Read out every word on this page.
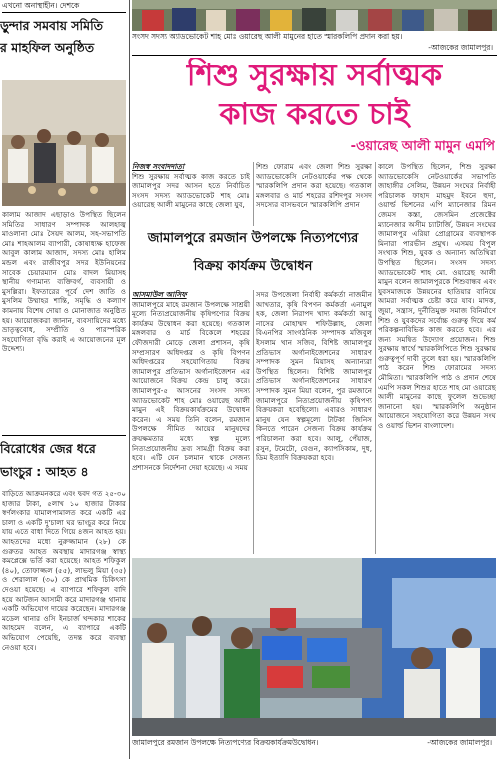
এখনো অনাস্থাহীন। দেশকে
ড়ুন্দার সমবায় সমিতি
র মাহফিল অনুষ্ঠিত
কালাম আজাদ এছাড়াও উপস্থিত ছিলেন সমিতির সাধারণ সম্পাদক আলহাজ্ব মাওলানা মোঃ সৈয়দ আলম, সহ-সভাপতি মোঃ শাহআলম ব্যাপারী, কোষাধ্যক্ষ হাফেজ আবুল কালাম আজাদ, সদস্য মোঃ হালিম মন্ডল এবং রাজীবপুর সদর ইউনিয়নের সাবেক চেয়ারম্যান মোঃ বাদল মিয়াসহ স্থানীয় গণ্যমান্য ব্যক্তিবর্গ, ব্যবসায়ী ও মুসল্লিরা। ইফতারের পূর্বে দেশ জাতি ও মুসলিম উম্মাহর শান্তি, সমৃদ্ধি ও কল্যাণ কামনায় বিশেষ দোয়া ও মোনাজাত অনুষ্ঠিত হয়। আয়োজকরা জানান, ব্যবসায়িদের মধ্যে ভ্রাতৃত্ববোধ, সম্প্রীতি ও পারস্পরিক সহযোগিতা বৃদ্ধি করাই এ আয়োজনের মূল উদ্দেশ্য।
বিরোধের জের ধরে
ভাংচুর : আহত ৪
বাড়িতে আক্রমনকরে এবং দ্ববদ গত ২৫-৩০ হাজার টাকা, ৫লাখ ১০ হাজার টাকার স্বর্ণলংকার যামালপামালত করে একটি এর চালা ও একটি দু'চালা ঘর ভাংচুর করে নিয়ে যায় এতে বাধা দিতে গিয়ে ৪জন আহত হয়। আহতদের মধ্যে নুরুজ্জামান (২৮) কে গুরুতর আহত অবস্থায় মাদারগঞ্জ স্বাস্থ্য কমপ্লেক্সে ভর্তি করা হয়েছে। আহত শফিকুল (৪০), তোফাজ্জল (৫৫), লাভলু মিয়া (৩৫) ও শেরালাল (৩০) কে প্রাথমিক চিকিৎসা দেওয়া হয়েছে। এ ব্যাপারে শফিকুল বাদি হয়ে আটজন আসামী করে মাদারগঞ্জ থানায় একটি অভিযোগ দায়ের করেছেন। মাদারগঞ্জ মডেল থানার ওসি ইনচার্জ খন্দকার শাকের আহমেদ বলেন, এ ব্যাপারে একটি অভিযোগ পেয়েছি, তদন্ত করে ব্যবস্থা নেওয়া হবে।
সংসদ সদস্য অ্যাডভোকেট শাহ মোঃ ওয়ারেছ আলী মামুনের হাতে স্মারকলিপি প্রদান করা হয়।
-আজকের জামালপুর।
শিশু সুরক্ষায় সর্বাত্মক
কাজ করতে চাই
-ওয়ারেছ আলী মামুন এমপি
নিজস্ব সংবাদদাতা
শিশু সুরক্ষায় সর্বাত্মক কাজ করতে চাই জামালপুর সদর আসন হতে নির্বাচিত সংসদ সদস্য অ্যাডভোকেট শাহ মোঃ ওয়ারেছ আলী মামুনের কাছে জেলা যুব,
শিশু ফোরাম এবং জেলা শিশু সুরক্ষা অ্যাডভোকেসি নেটওয়ার্কের পক্ষ থেকে স্মারকলিপি প্রদান করা হয়েছে। গতকাল মঙ্গলবার ও মার্চ শহরের রশিদপুর সংসদ সদস্যের বাসভবনে স্মারকলিপি প্রদান
কালে উপস্থিত ছিলেন, শিশু সুরক্ষা অ্যাডভোকেসি নেটওয়ার্কের সভাপতি জাহাঙ্গীর সেলিম, উন্নয়ন সংঘের নির্বাহী পরিচালক ফাহাদ মাহমুদ ইবনে হুদা, ওয়ার্ল্ড ভিশনের এপি ম্যানেজার রিমন জেমস কস্তা, জেসমিন প্রজেক্টের ম্যানেজার অসীম চ্যাটার্জি, উন্নয়ন সংঘের জামালপুর এরিয়া প্রোগ্রামের ব্যবস্থাপক মিনারা পারভীন প্রমুখ। এসময় বিপুল সংখ্যক শিশু, যুবক ও অন্যান্য অতিথিরা উপস্থিত ছিলেন। সংসদ সদস্য অ্যাডভোকেট শাহ মো. ওয়ারেছ আলী মামুন বলেন জামালপুরকে শিশুবান্ধব এবং যুবসমাজকে উন্নয়নের হাতিয়ার বানিয়ে আমরা সর্বাত্মক চেষ্টা করে যাব। মাদক, জুয়া, সন্ত্রাস, দুর্নীতিমুক্ত সমাজ বিনির্মাণে শিশু ও যুবকদের সর্বোচ্চ গুরুত্ব দিয়ে কর্ম পরিকল্পনাবিভিক কাজ করতে হবে। এর জন্য সমন্বিত উদ্যোগ প্রয়োজন। শিশু সুরক্ষায় স্বার্থে স্মারকলিপিতে শিশু সুরক্ষায় গুরুত্বপূর্ণ দাবী তুলে ধরা হয়। স্মারকলিপি পাঠ করেন শিশু ফোরামের সদস্য মৌমিতা। স্মারকলিপি পাঠ ও প্রদান শেষে এমপি সকল শিশুর হাতে শাহ মো ওয়ারেছ আলী মামুনের কাছে ফুলেল শুভেচ্ছা জানানো হয়। স্মারকলিপি অনুষ্ঠান আয়োজনে সহযোগিতা করে উন্নয়ন সংঘ ও ওয়ার্ল্ড ভিশন বাংলাদেশ।
জামালপুরে রমজান উপলক্ষে নিত্যপণ্যের
বিক্রয় কার্যক্রম উদ্বোধন
আসমাউল আসিফ
জামালপুরে মাহে রমজান উপলক্ষে সাশ্রয়ী মূল্যে নিত্যপ্রয়োজনীয় কৃষিপণ্যের বিক্রয় কার্যক্রম উদ্বোধন করা হয়েছে। গতকাল মঙ্গলবার ও মার্চ বিকেলে শহরের ফৌজদারী মোড়ে জেলা প্রশাসন, কৃষি সম্প্রসারণ অধিদপ্তর ও কৃষি বিপণন অধিদপ্তরের সহযোগিতায় বিক্রয় জামালপুর প্রতিভাস অর্গানাইজেশন এর আয়োজনে বিক্রয় কেন্দ্র চালু করে। জামালপুর-৫ আসনের সংসদ সদস্য অ্যাডভোকেট শাহ মোঃ ওয়ারেছ আলী মামুন এই বিক্রয়কার্যক্রমের উদ্বোধন করেন। এ সময় তিনি বলেন, রমজান উপলক্ষে সীমিত আয়ের মানুষদের ক্রয়ক্ষমতার মধ্যে স্বল্প মূল্যে নিত্যপ্রয়োজনীয় দ্রব্য সামগ্রী বিক্রয় করা হবে। এটি যেন চলমান থাকে সেজন্য প্রশাসনকে নির্দেশনা দেয়া হয়েছে। এ সময়
সদর উপজেলা নির্বাহী কর্মকর্তা নাজমীন আখতার, কৃষি বিপণন কর্মকর্তা এনামুল হক, জেলা নিরাপদ খাদ্য কর্মকর্তা আবু নাসের মোহাম্মদ শফিউল্লাহ, জেলা বিএনপির সাংগঠনিক সম্পাদক মজিবুল ইসলাম খান সজিব, বিশিষ্ট জামালপুর প্রতিভাস অর্গানাইজেশনের সাধারণ সম্পাদক সুমন মিয়াসহ অন্যান্যরা উপস্থিত ছিলেন। বিশিষ্ট জামালপুর প্রতিভাস অর্গানাইজেশনের সাধারণ সম্পাদক সুমন মিয়া বলেন, পুর রমজানে জামালপুরে নিত্যপ্রয়োজনীয় কৃষিপণ্য বিক্রয়করা হবেছিলো। এবারও সাধারণ মানুষ যেন স্বল্পমূল্যে টাটকা জিনিস কিনতে পারেন সেজন্য বিক্রয় কার্যক্রম পরিচালনা করা হবে। আলু, পেঁয়াজ, রসুন, টমেটো, বেগুন, ক্যাপসিকাম, দুধ, ডিম ইত্যাদি বিক্রয়করা হবে।
জামালপুরে রমজান উপলক্ষে নিত্যপণ্যের বিক্রয়কার্যক্রমউদ্বোধন।	-আজকের জামালপুর।
